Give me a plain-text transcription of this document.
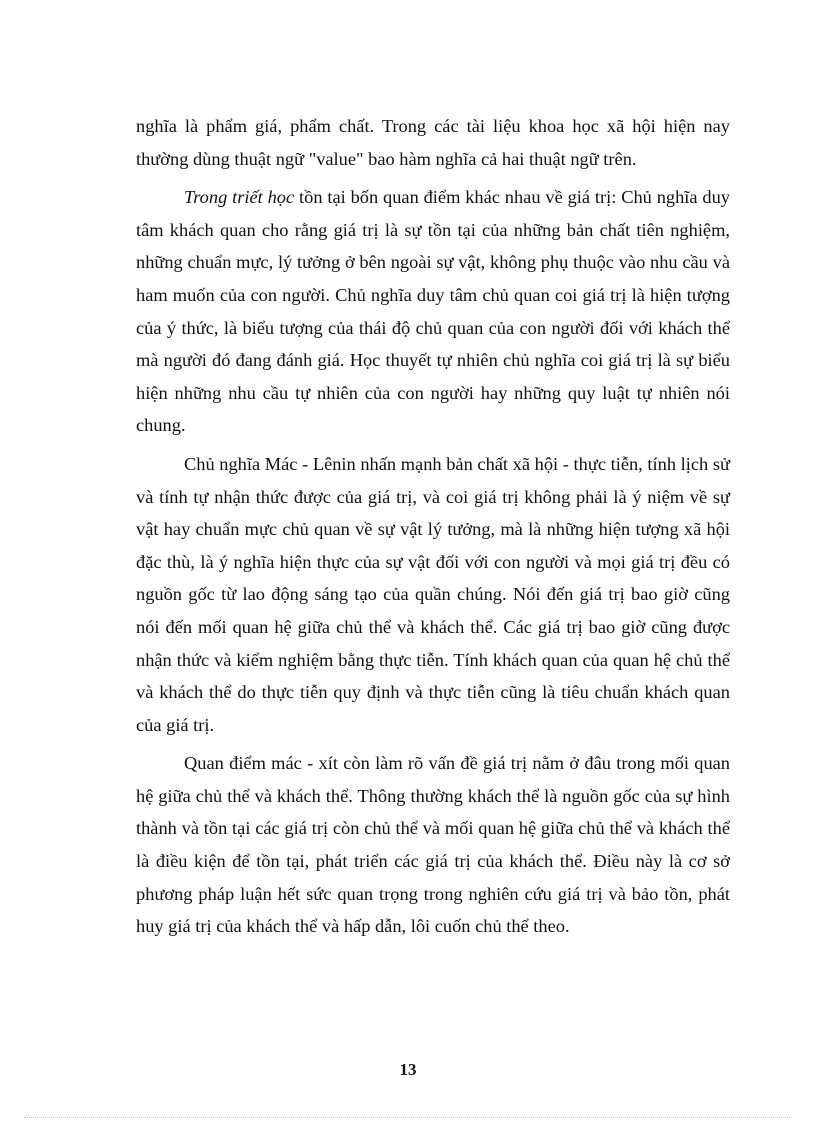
nghĩa là phẩm giá, phẩm chất. Trong các tài liệu khoa học xã hội hiện nay thường dùng thuật ngữ "value" bao hàm nghĩa cả hai thuật ngữ trên.

Trong triết học tồn tại bốn quan điểm khác nhau về giá trị: Chủ nghĩa duy tâm khách quan cho rằng giá trị là sự tồn tại của những bản chất tiên nghiệm, những chuẩn mực, lý tưởng ở bên ngoài sự vật, không phụ thuộc vào nhu cầu và ham muốn của con người. Chủ nghĩa duy tâm chủ quan coi giá trị là hiện tượng của ý thức, là biểu tượng của thái độ chủ quan của con người đối với khách thể mà người đó đang đánh giá. Học thuyết tự nhiên chủ nghĩa coi giá trị là sự biểu hiện những nhu cầu tự nhiên của con người hay những quy luật tự nhiên nói chung.

Chủ nghĩa Mác - Lênin nhấn mạnh bản chất xã hội - thực tiễn, tính lịch sử và tính tự nhận thức được của giá trị, và coi giá trị không phải là ý niệm về sự vật hay chuẩn mực chủ quan về sự vật lý tưởng, mà là những hiện tượng xã hội đặc thù, là ý nghĩa hiện thực của sự vật đối với con người và mọi giá trị đều có nguồn gốc từ lao động sáng tạo của quần chúng. Nói đến giá trị bao giờ cũng nói đến mối quan hệ giữa chủ thể và khách thể. Các giá trị bao giờ cũng được nhận thức và kiểm nghiệm bằng thực tiễn. Tính khách quan của quan hệ chủ thể và khách thể do thực tiễn quy định và thực tiễn cũng là tiêu chuẩn khách quan của giá trị.

Quan điểm mác - xít còn làm rõ vấn đề giá trị nằm ở đâu trong mối quan hệ giữa chủ thể và khách thể. Thông thường khách thể là nguồn gốc của sự hình thành và tồn tại các giá trị còn chủ thể và mối quan hệ giữa chủ thể và khách thể là điều kiện để tồn tại, phát triển các giá trị của khách thể. Điều này là cơ sở phương pháp luận hết sức quan trọng trong nghiên cứu giá trị và bảo tồn, phát huy giá trị của khách thể và hấp dẫn, lôi cuốn chủ thể theo.

13
